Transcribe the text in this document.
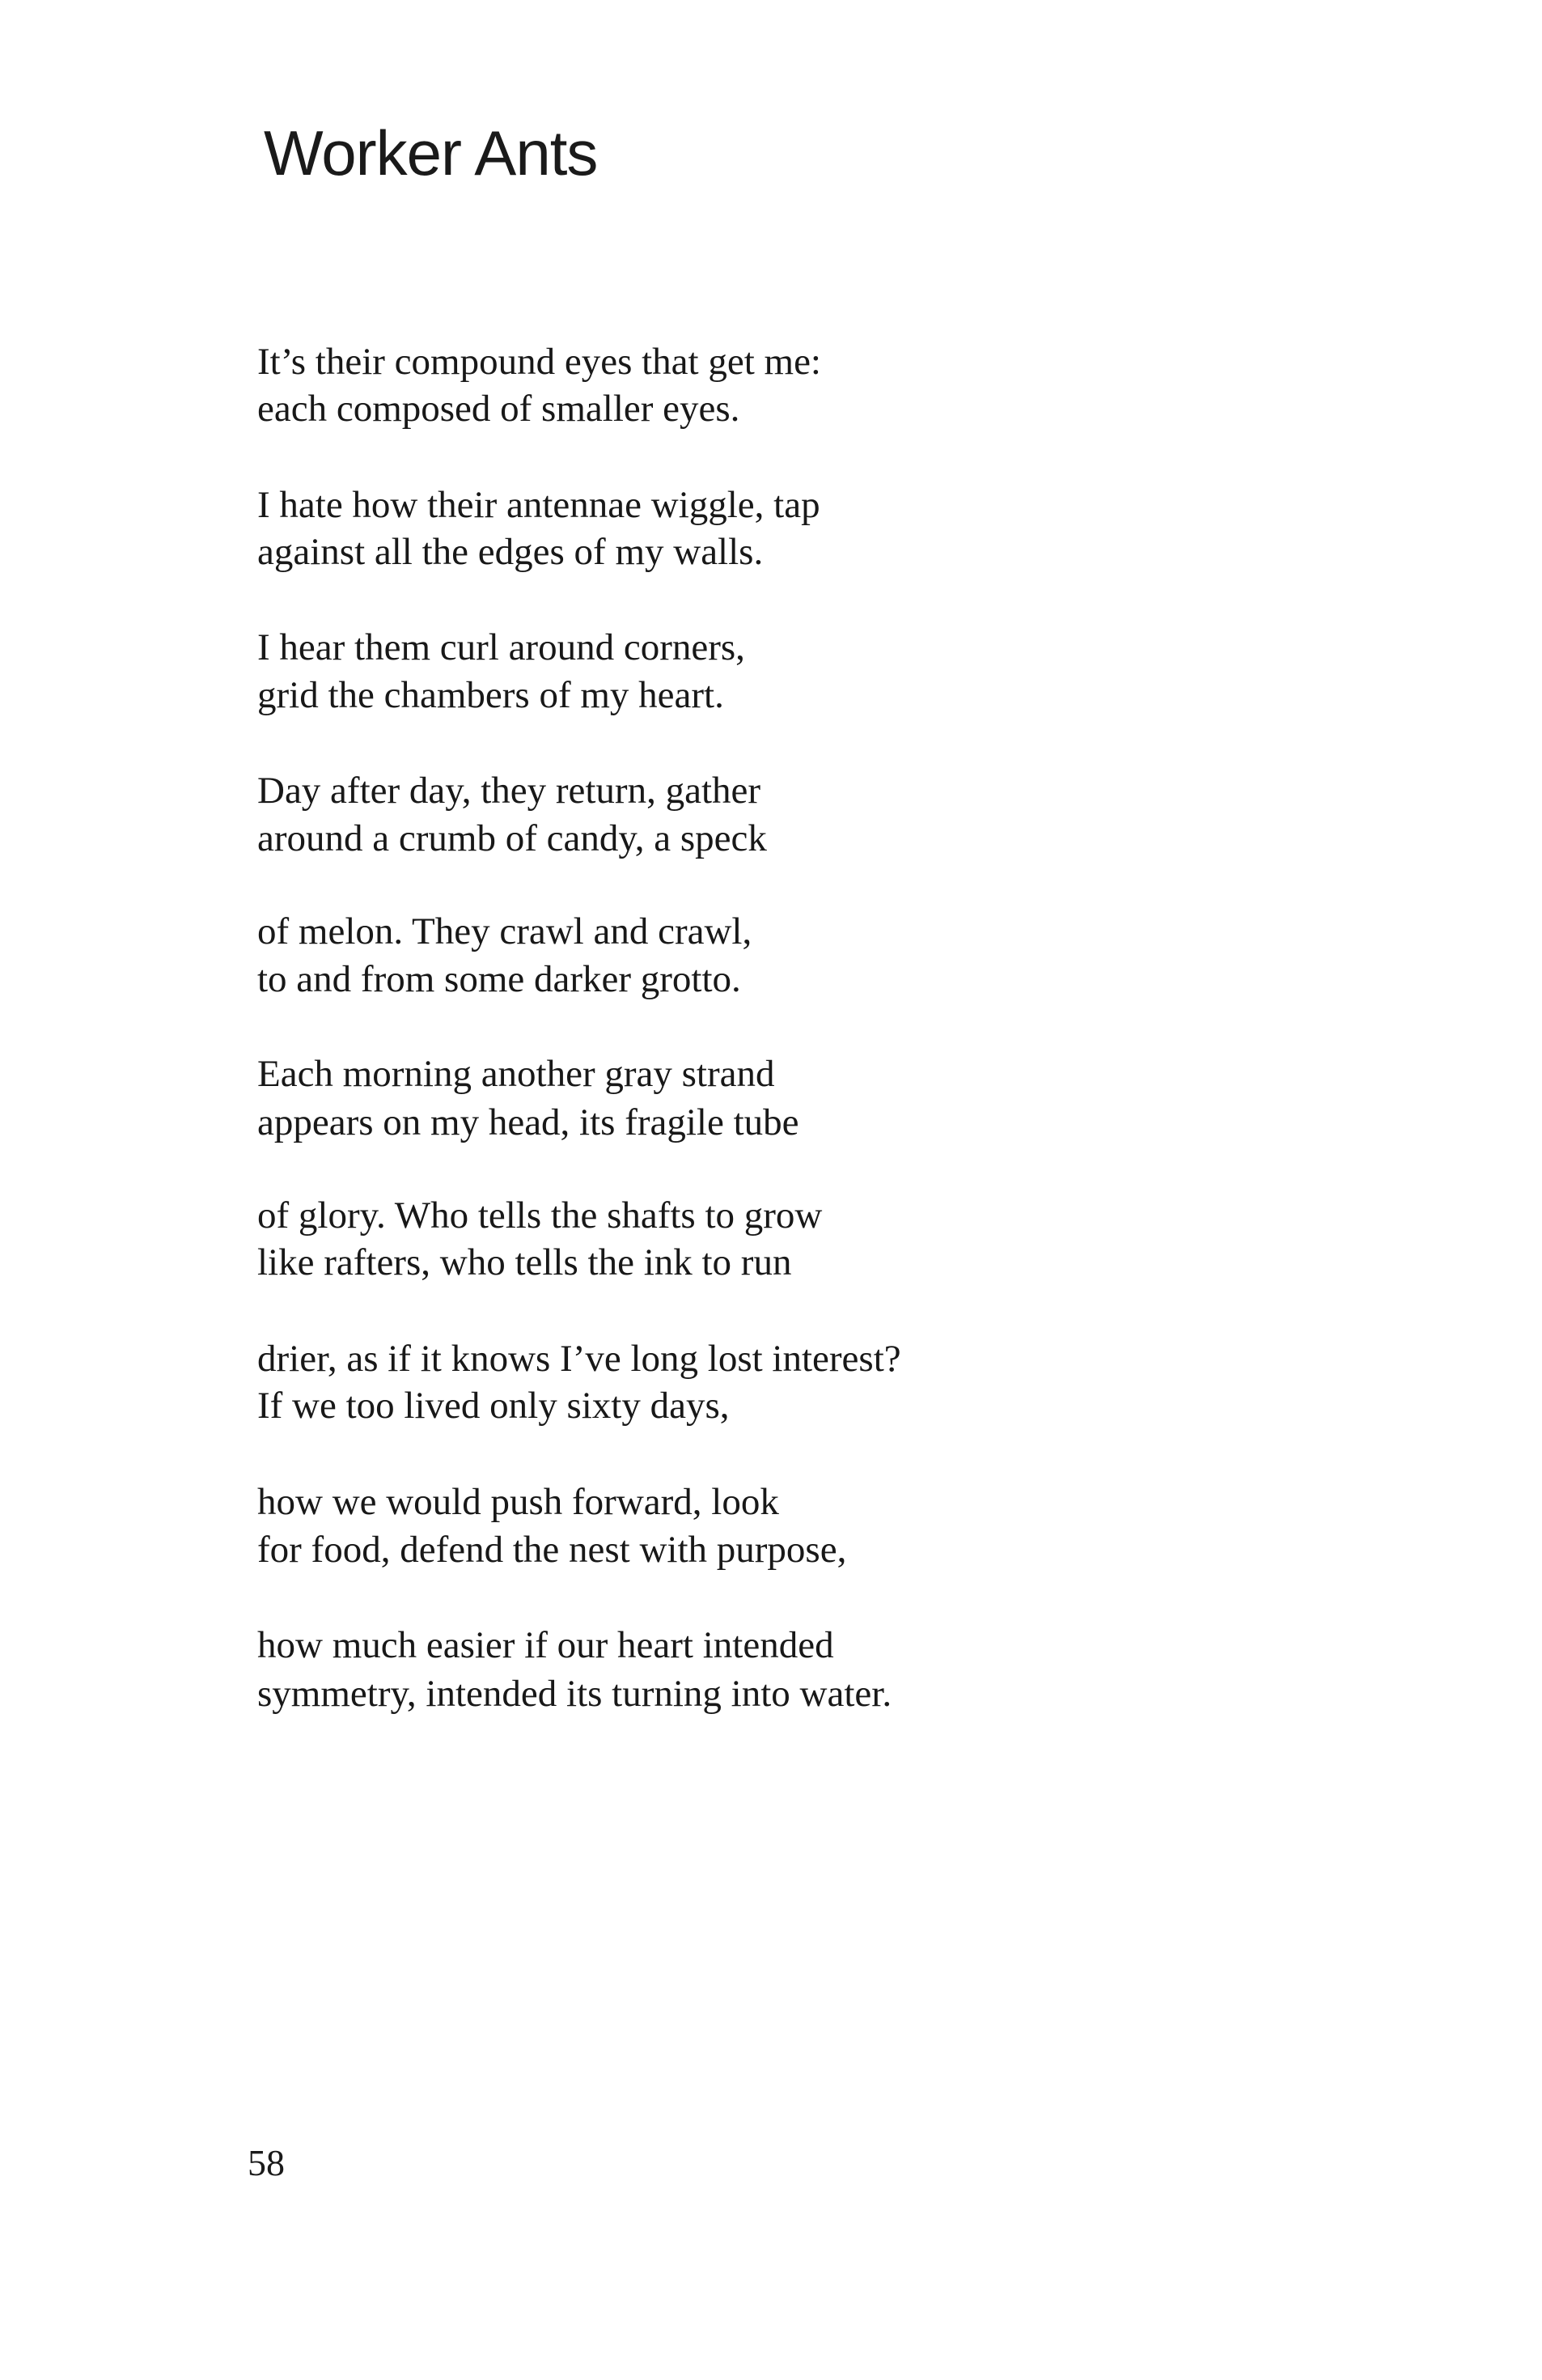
Worker Ants
It’s their compound eyes that get me:
each composed of smaller eyes.
I hate how their antennae wiggle, tap
against all the edges of my walls.
I hear them curl around corners,
grid the chambers of my heart.
Day after day, they return, gather
around a crumb of candy, a speck
of melon. They crawl and crawl,
to and from some darker grotto.
Each morning another gray strand
appears on my head, its fragile tube
of glory. Who tells the shafts to grow
like rafters, who tells the ink to run
drier, as if it knows I’ve long lost interest?
If we too lived only sixty days,
how we would push forward, look
for food, defend the nest with purpose,
how much easier if our heart intended
symmetry, intended its turning into water.
58
